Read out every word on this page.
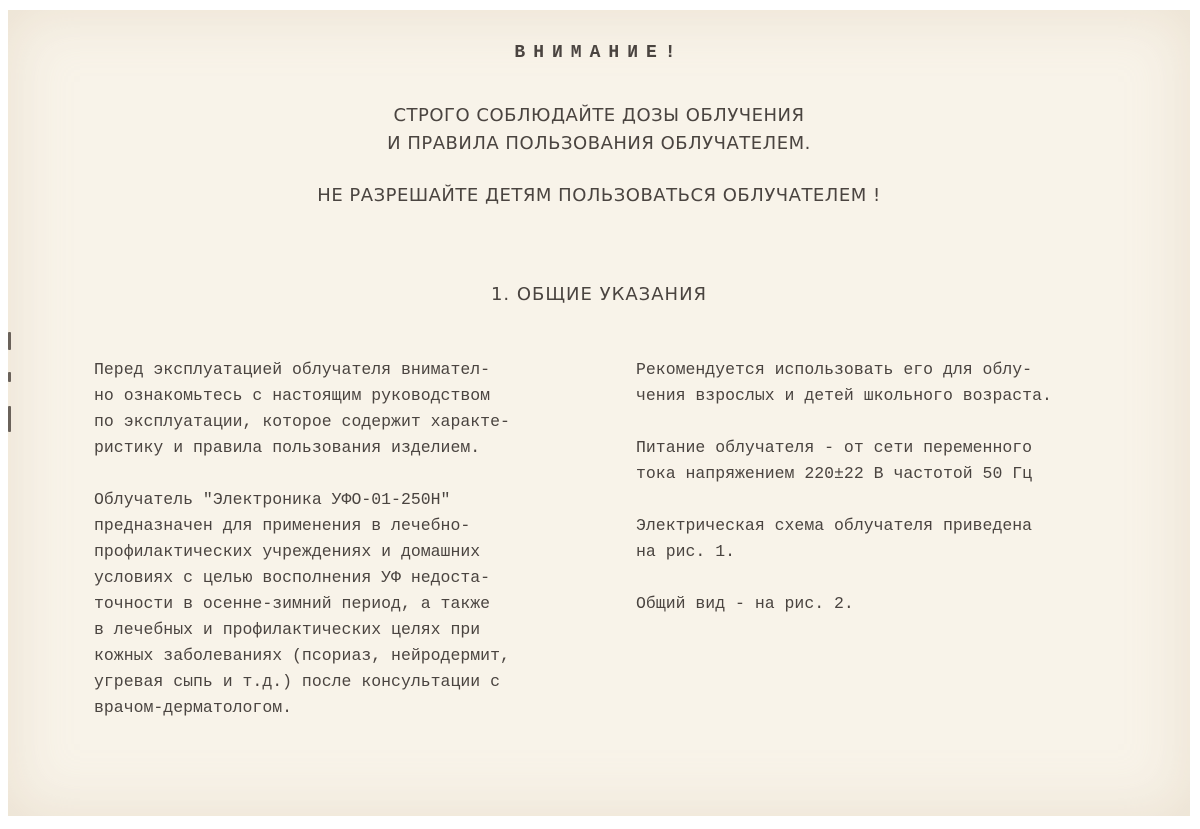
ВНИМАНИЕ!
СТРОГО СОБЛЮДАЙТЕ ДОЗЫ ОБЛУЧЕНИЯ
И ПРАВИЛА ПОЛЬЗОВАНИЯ ОБЛУЧАТЕЛЕМ.
НЕ РАЗРЕШАЙТЕ ДЕТЯМ ПОЛЬЗОВАТЬСЯ ОБЛУЧАТЕЛЕМ !
1. ОБЩИЕ УКАЗАНИЯ
Перед эксплуатацией облучателя внимател-
но ознакомьтесь с настоящим руководством
по эксплуатации, которое содержит характе-
ристику и правила пользования изделием.
Облучатель "Электроника УФО-01-250Н"
предназначен для применения в лечебно-
профилактических учреждениях и домашних
условиях с целью восполнения УФ недоста-
точности в осенне-зимний период, а также
в лечебных и профилактических целях при
кожных заболеваниях (псориаз, нейродермит,
угревая сыпь и т.д.) после консультации с
врачом-дерматологом.
Рекомендуется использовать его для облу-
чения взрослых и детей школьного возраста.
Питание облучателя - от сети переменного
тока напряжением 220±22 В частотой 50 Гц
Электрическая схема облучателя приведена
на рис. 1.
Общий вид - на рис. 2.
